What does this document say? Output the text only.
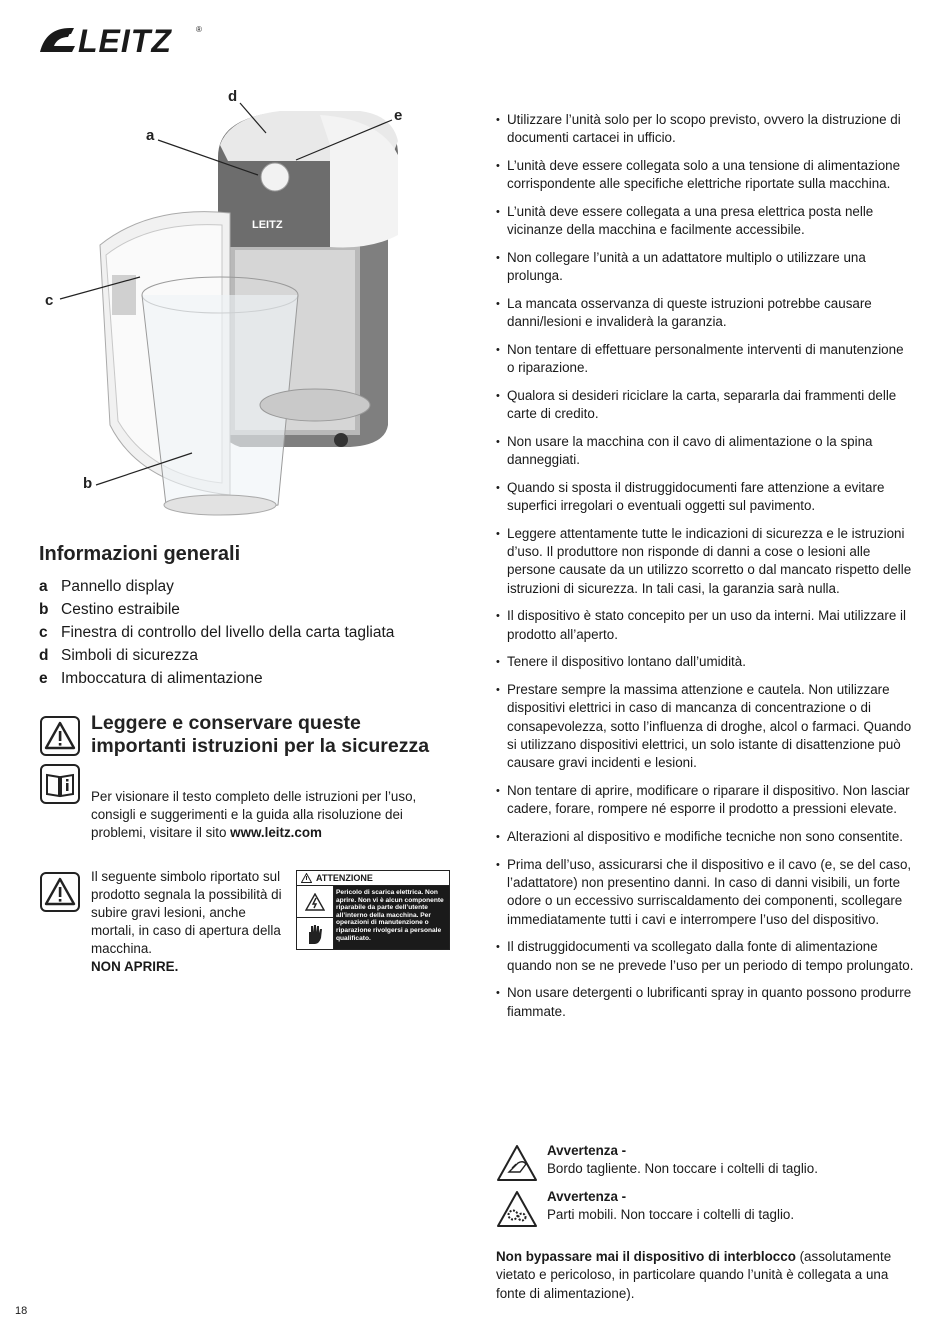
LEITZ	®
LEITZ
a
b
c
d
e
Informazioni generali
a Pannello display
b Cestino estraibile
c Finestra di controllo del livello della carta tagliata
d Simboli di sicurezza
e Imboccatura di alimentazione
Leggere e conservare queste importanti istruzioni per la sicurezza

Per visionare il testo completo delle istruzioni per l’uso, consigli e suggerimenti e la guida alla risoluzione dei problemi, visitare il sito www.leitz.com

Il seguente simbolo riportato sul prodotto segnala la possibilità di subire gravi lesioni, anche mortali, in caso di apertura della macchina.
NON APRIRE.

ATTENZIONE
Pericolo di scarica elettrica. Non aprire. Non vi è alcun componente riparabile da parte dell’utente all’interno della macchina. Per operazioni di manutenzione o riparazione rivolgersi a personale qualificato.
• Utilizzare l’unità solo per lo scopo previsto, ovvero la distruzione di documenti cartacei in ufficio.
• L’unità deve essere collegata solo a una tensione di alimentazione corrispondente alle specifiche elettriche riportate sulla macchina.
• L’unità deve essere collegata a una presa elettrica posta nelle vicinanze della macchina e facilmente accessibile.
• Non collegare l’unità a un adattatore multiplo o utilizzare una prolunga.
• La mancata osservanza di queste istruzioni potrebbe causare danni/lesioni e invaliderà la garanzia.
• Non tentare di effettuare personalmente interventi di manutenzione o riparazione.
• Qualora si desideri riciclare la carta, separarla dai frammenti delle carte di credito.
• Non usare la macchina con il cavo di alimentazione o la spina danneggiati.
• Quando si sposta il distruggidocumenti fare attenzione a evitare superfici irregolari o eventuali oggetti sul pavimento.
• Leggere attentamente tutte le indicazioni di sicurezza e le istruzioni d’uso. Il produttore non risponde di danni a cose o lesioni alle persone causate da un utilizzo scorretto o dal mancato rispetto delle istruzioni di sicurezza. In tali casi, la garanzia sarà nulla.
• Il dispositivo è stato concepito per un uso da interni. Mai utilizzare il prodotto all’aperto.
• Tenere il dispositivo lontano dall’umidità.
• Prestare sempre la massima attenzione e cautela. Non utilizzare dispositivi elettrici in caso di mancanza di concentrazione o di consapevolezza, sotto l’influenza di droghe, alcol o farmaci. Quando si utilizzano dispositivi elettrici, un solo istante di disattenzione può causare gravi incidenti e lesioni.
• Non tentare di aprire, modificare o riparare il dispositivo. Non lasciar cadere, forare, rompere né esporre il prodotto a pressioni elevate.
• Alterazioni al dispositivo e modifiche tecniche non sono consentite.
• Prima dell’uso, assicurarsi che il dispositivo e il cavo (e, se del caso, l’adattatore) non presentino danni. In caso di danni visibili, un forte odore o un eccessivo surriscaldamento dei componenti, scollegare immediatamente tutti i cavi e interrompere l’uso del dispositivo.
• Il distruggidocumenti va scollegato dalla fonte di alimentazione quando non se ne prevede l’uso per un periodo di tempo prolungato.
• Non usare detergenti o lubrificanti spray in quanto possono produrre fiammate.
Avvertenza -
Bordo tagliente. Non toccare i coltelli di taglio.
Avvertenza -
Parti mobili. Non toccare i coltelli di taglio.

Non bypassare mai il dispositivo di interblocco (assolutamente vietato e pericoloso, in particolare quando l’unità è collegata a una fonte di alimentazione).

18
